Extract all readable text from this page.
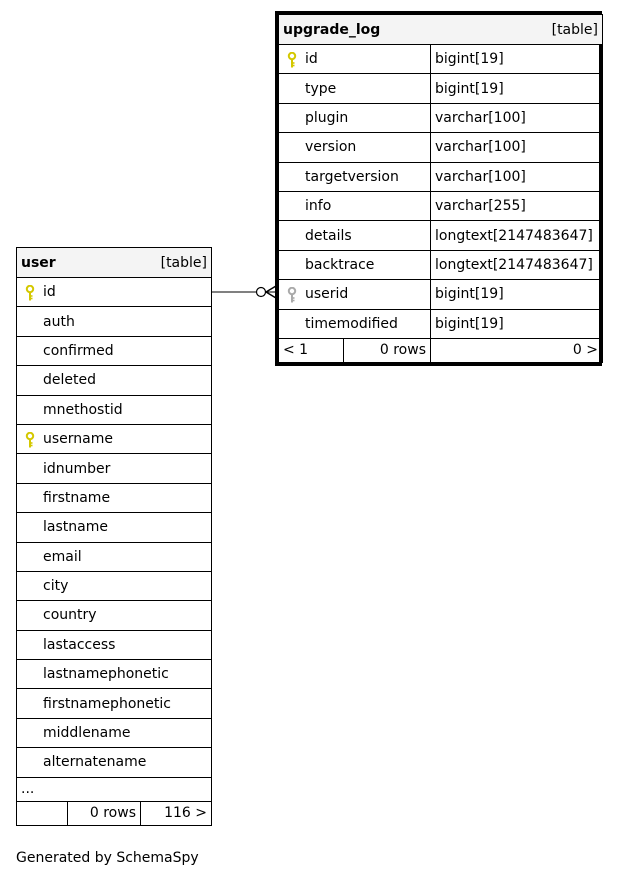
user	[table]

id
auth
confirmed
deleted
mnethostid

username
idnumber
firstname
lastname
email
city
country
lastaccess
lastnamephonetic
firstnamephonetic
middlename
alternatename
...
	0 rows	116 >
upgrade_log [table]		

id		bigint[19]
type		bigint[19]
plugin		varchar[100]
version		varchar[100]
targetversion		varchar[100]
info		varchar[255]
details		longtext[2147483647]
backtrace		longtext[2147483647]

userid		bigint[19]
timemodified		bigint[19]
< 1	0 rows	0 >
Generated by SchemaSpy
